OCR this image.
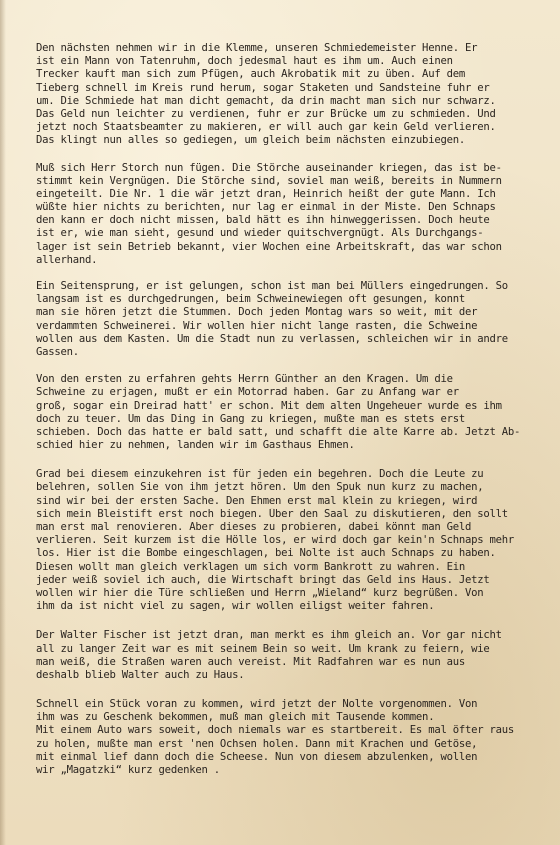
Den nächsten nehmen wir in die Klemme, unseren Schmiedemeister Henne. Er
ist ein Mann von Tatenruhm, doch jedesmal haut es ihm um. Auch einen
Trecker kauft man sich zum Pfügen, auch Akrobatik mit zu üben. Auf dem
Tieberg schnell im Kreis rund herum, sogar Staketen und Sandsteine fuhr er
um. Die Schmiede hat man dicht gemacht, da drin macht man sich nur schwarz.
Das Geld nun leichter zu verdienen, fuhr er zur Brücke um zu schmieden. Und
jetzt noch Staatsbeamter zu makieren, er will auch gar kein Geld verlieren.
Das klingt nun alles so gediegen, um gleich beim nächsten einzubiegen.
Muß sich Herr Storch nun fügen. Die Störche auseinander kriegen, das ist be-
stimmt kein Vergnügen. Die Störche sind, soviel man weiß, bereits in Nummern
eingeteilt. Die Nr. 1 die wär jetzt dran, Heinrich heißt der gute Mann. Ich
wüßte hier nichts zu berichten, nur lag er einmal in der Miste. Den Schnaps
den kann er doch nicht missen, bald hätt es ihn hinweggerissen. Doch heute
ist er, wie man sieht, gesund und wieder quitschvergnügt. Als Durchgangs-
lager ist sein Betrieb bekannt, vier Wochen eine Arbeitskraft, das war schon
allerhand.
Ein Seitensprung, er ist gelungen, schon ist man bei Müllers eingedrungen. So
langsam ist es durchgedrungen, beim Schweinewiegen oft gesungen, konnt
man sie hören jetzt die Stummen. Doch jeden Montag wars so weit, mit der
verdammten Schweinerei. Wir wollen hier nicht lange rasten, die Schweine
wollen aus dem Kasten. Um die Stadt nun zu verlassen, schleichen wir in andre
Gassen.
Von den ersten zu erfahren gehts Herrn Günther an den Kragen. Um die
Schweine zu erjagen, mußt er ein Motorrad haben. Gar zu Anfang war er
groß, sogar ein Dreirad hatt' er schon. Mit dem alten Ungeheuer wurde es ihm
doch zu teuer. Um das Ding in Gang zu kriegen, mußte man es stets erst
schieben. Doch das hatte er bald satt, und schafft die alte Karre ab. Jetzt Ab-
schied hier zu nehmen, landen wir im Gasthaus Ehmen.
Grad bei diesem einzukehren ist für jeden ein begehren. Doch die Leute zu
belehren, sollen Sie von ihm jetzt hören. Um den Spuk nun kurz zu machen,
sind wir bei der ersten Sache. Den Ehmen erst mal klein zu kriegen, wird
sich mein Bleistift erst noch biegen. Über den Saal zu diskutieren, den sollt
man erst mal renovieren. Aber dieses zu probieren, dabei könnt man Geld
verlieren. Seit kurzem ist die Hölle los, er wird doch gar kein'n Schnaps mehr
los. Hier ist die Bombe eingeschlagen, bei Nolte ist auch Schnaps zu haben.
Diesen wollt man gleich verklagen um sich vorm Bankrott zu wahren. Ein
jeder weiß soviel ich auch, die Wirtschaft bringt das Geld ins Haus. Jetzt
wollen wir hier die Türe schließen und Herrn „Wieland“ kurz begrüßen. Von
ihm da ist nicht viel zu sagen, wir wollen eiligst weiter fahren.
Der Walter Fischer ist jetzt dran, man merkt es ihm gleich an. Vor gar nicht
all zu langer Zeit war es mit seinem Bein so weit. Um krank zu feiern, wie
man weiß, die Straßen waren auch vereist. Mit Radfahren war es nun aus
deshalb blieb Walter auch zu Haus.
Schnell ein Stück voran zu kommen, wird jetzt der Nolte vorgenommen. Von
ihm was zu Geschenk bekommen, muß man gleich mit Tausende kommen.
Mit einem Auto wars soweit, doch niemals war es startbereit. Es mal öfter raus
zu holen, mußte man erst 'nen Ochsen holen. Dann mit Krachen und Getöse,
mit einmal lief dann doch die Scheese. Nun von diesem abzulenken, wollen
wir „Magatzki“ kurz gedenken .
